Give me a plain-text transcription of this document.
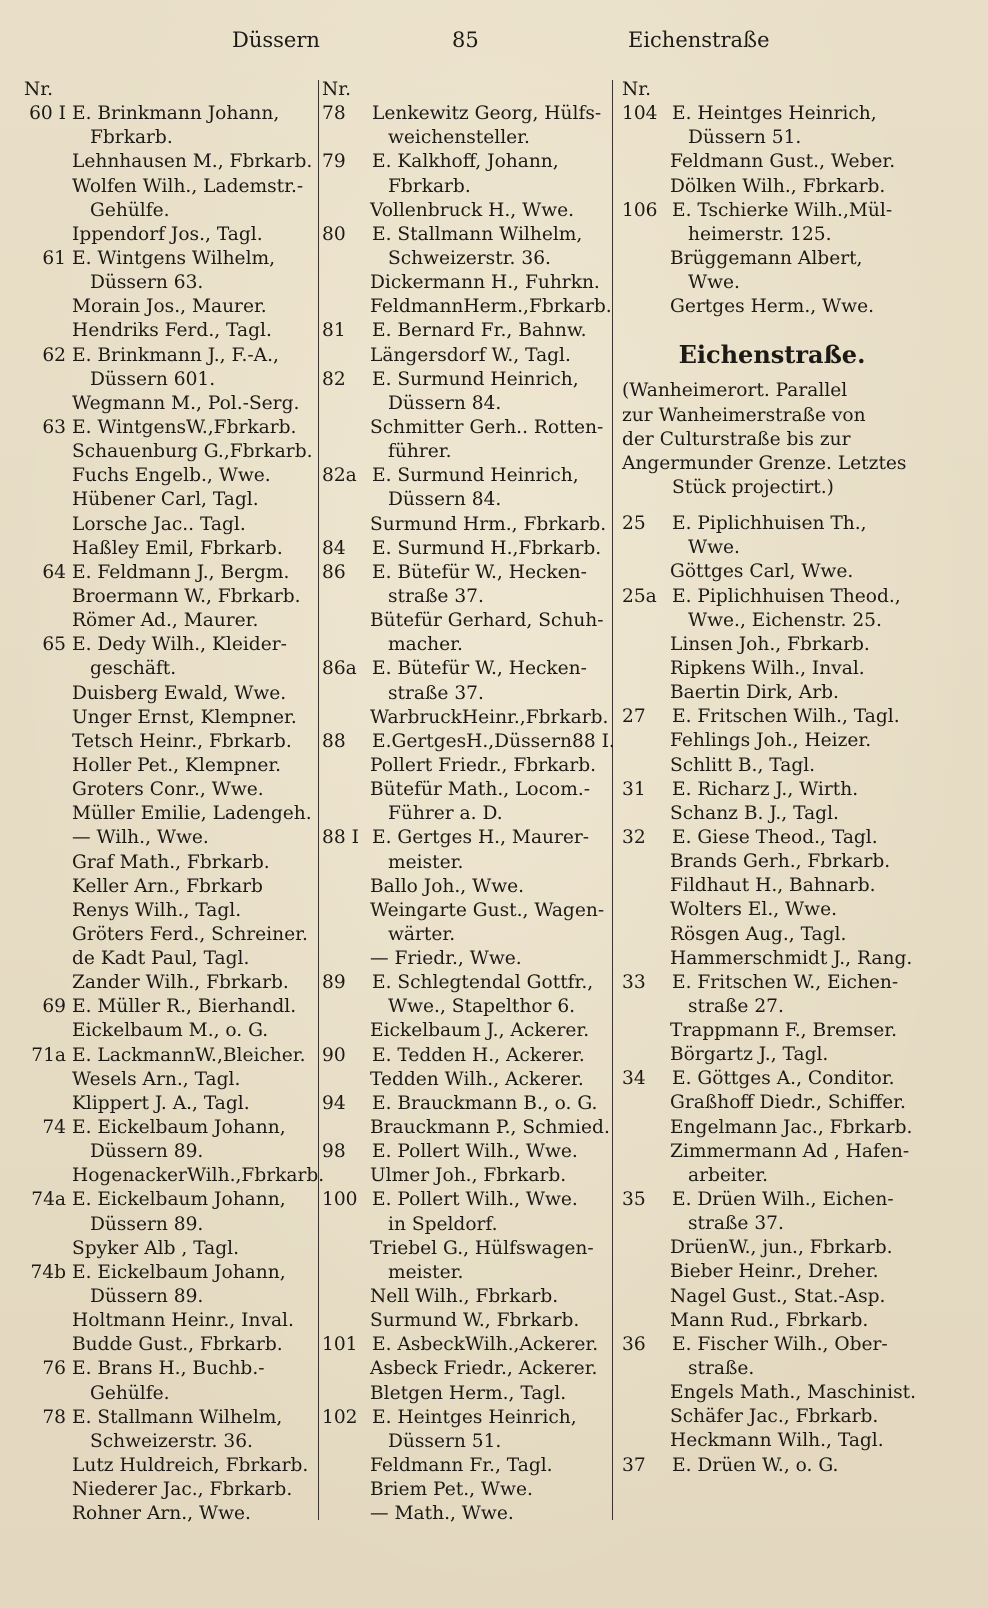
Düssern	85	Eichenstraße
Nr.
60 I E. Brinkmann Johann,
Fbrkarb.
Lehnhausen M., Fbrkarb.
Wolfen Wilh., Lademstr.-
Gehülfe.
Ippendorf Jos., Tagl.
61 E. Wintgens Wilhelm,
Düssern 63.
Morain Jos., Maurer.
Hendriks Ferd., Tagl.
62 E. Brinkmann J., F.-A.,
Düssern 601.
Wegmann M., Pol.-Serg.
63 E. WintgensW.,Fbrkarb.
Schauenburg G.,Fbrkarb.
Fuchs Engelb., Wwe.
Hübener Carl, Tagl.
Lorsche Jac.. Tagl.
Haßley Emil, Fbrkarb.
64 E. Feldmann J., Bergm.
Broermann W., Fbrkarb.
Römer Ad., Maurer.
65 E. Dedy Wilh., Kleider-
geschäft.
Duisberg Ewald, Wwe.
Unger Ernst, Klempner.
Tetsch Heinr., Fbrkarb.
Holler Pet., Klempner.
Groters Conr., Wwe.
Müller Emilie, Ladengeh.
— Wilh., Wwe.
Graf Math., Fbrkarb.
Keller Arn., Fbrkarb
Renys Wilh., Tagl.
Gröters Ferd., Schreiner.
de Kadt Paul, Tagl.
Zander Wilh., Fbrkarb.
69 E. Müller R., Bierhandl.
Eickelbaum M., o. G.
71a E. LackmannW.,Bleicher.
Wesels Arn., Tagl.
Klippert J. A., Tagl.
74 E. Eickelbaum Johann,
Düssern 89.
HogenackerWilh.,Fbrkarb.
74a E. Eickelbaum Johann,
Düssern 89.
Spyker Alb , Tagl.
74b E. Eickelbaum Johann,
Düssern 89.
Holtmann Heinr., Inval.
Budde Gust., Fbrkarb.
76 E. Brans H., Buchb.-
Gehülfe.
78 E. Stallmann Wilhelm,
Schweizerstr. 36.
Lutz Huldreich, Fbrkarb.
Niederer Jac., Fbrkarb.
Rohner Arn., Wwe.
Nr.
78 Lenkewitz Georg, Hülfs-
weichensteller.
79 E. Kalkhoff, Johann,
Fbrkarb.
Vollenbruck H., Wwe.
80 E. Stallmann Wilhelm,
Schweizerstr. 36.
Dickermann H., Fuhrkn.
FeldmannHerm.,Fbrkarb.
81 E. Bernard Fr., Bahnw.
Längersdorf W., Tagl.
82 E. Surmund Heinrich,
Düssern 84.
Schmitter Gerh.. Rotten-
führer.
82a E. Surmund Heinrich,
Düssern 84.
Surmund Hrm., Fbrkarb.
84 E. Surmund H.,Fbrkarb.
86 E. Bütefür W., Hecken-
straße 37.
Bütefür Gerhard, Schuh-
macher.
86a E. Bütefür W., Hecken-
straße 37.
WarbruckHeinr.,Fbrkarb.
88 E.GertgesH.,Düssern88 I.
Pollert Friedr., Fbrkarb.
Bütefür Math., Locom.-
Führer a. D.
88 I E. Gertges H., Maurer-
meister.
Ballo Joh., Wwe.
Weingarte Gust., Wagen-
wärter.
— Friedr., Wwe.
89 E. Schlegtendal Gottfr.,
Wwe., Stapelthor 6.
Eickelbaum J., Ackerer.
90 E. Tedden H., Ackerer.
Tedden Wilh., Ackerer.
94 E. Brauckmann B., o. G.
Brauckmann P., Schmied.
98 E. Pollert Wilh., Wwe.
Ulmer Joh., Fbrkarb.
100 E. Pollert Wilh., Wwe.
in Speldorf.
Triebel G., Hülfswagen-
meister.
Nell Wilh., Fbrkarb.
Surmund W., Fbrkarb.
101 E. AsbeckWilh.,Ackerer.
Asbeck Friedr., Ackerer.
Bletgen Herm., Tagl.
102 E. Heintges Heinrich,
Düssern 51.
Feldmann Fr., Tagl.
Briem Pet., Wwe.
— Math., Wwe.
Nr.
104 E. Heintges Heinrich,
Düssern 51.
Feldmann Gust., Weber.
Dölken Wilh., Fbrkarb.
106 E. Tschierke Wilh.,Mül-
heimerstr. 125.
Brüggemann Albert,
Wwe.
Gertges Herm., Wwe.
Eichenstraße.
(Wanheimerort. Parallel
zur Wanheimerstraße von
der Culturstraße bis zur
Angermunder Grenze. Letztes
Stück projectirt.)
25 E. Piplichhuisen Th.,
Wwe.
Göttges Carl, Wwe.
25a E. Piplichhuisen Theod.,
Wwe., Eichenstr. 25.
Linsen Joh., Fbrkarb.
Ripkens Wilh., Inval.
Baertin Dirk, Arb.
27 E. Fritschen Wilh., Tagl.
Fehlings Joh., Heizer.
Schlitt B., Tagl.
31 E. Richarz J., Wirth.
Schanz B. J., Tagl.
32 E. Giese Theod., Tagl.
Brands Gerh., Fbrkarb.
Fildhaut H., Bahnarb.
Wolters El., Wwe.
Rösgen Aug., Tagl.
Hammerschmidt J., Rang.
33 E. Fritschen W., Eichen-
straße 27.
Trappmann F., Bremser.
Börgartz J., Tagl.
34 E. Göttges A., Conditor.
Graßhoff Diedr., Schiffer.
Engelmann Jac., Fbrkarb.
Zimmermann Ad , Hafen-
arbeiter.
35 E. Drüen Wilh., Eichen-
straße 37.
DrüenW., jun., Fbrkarb.
Bieber Heinr., Dreher.
Nagel Gust., Stat.-Asp.
Mann Rud., Fbrkarb.
36 E. Fischer Wilh., Ober-
straße.
Engels Math., Maschinist.
Schäfer Jac., Fbrkarb.
Heckmann Wilh., Tagl.
37 E. Drüen W., o. G.
